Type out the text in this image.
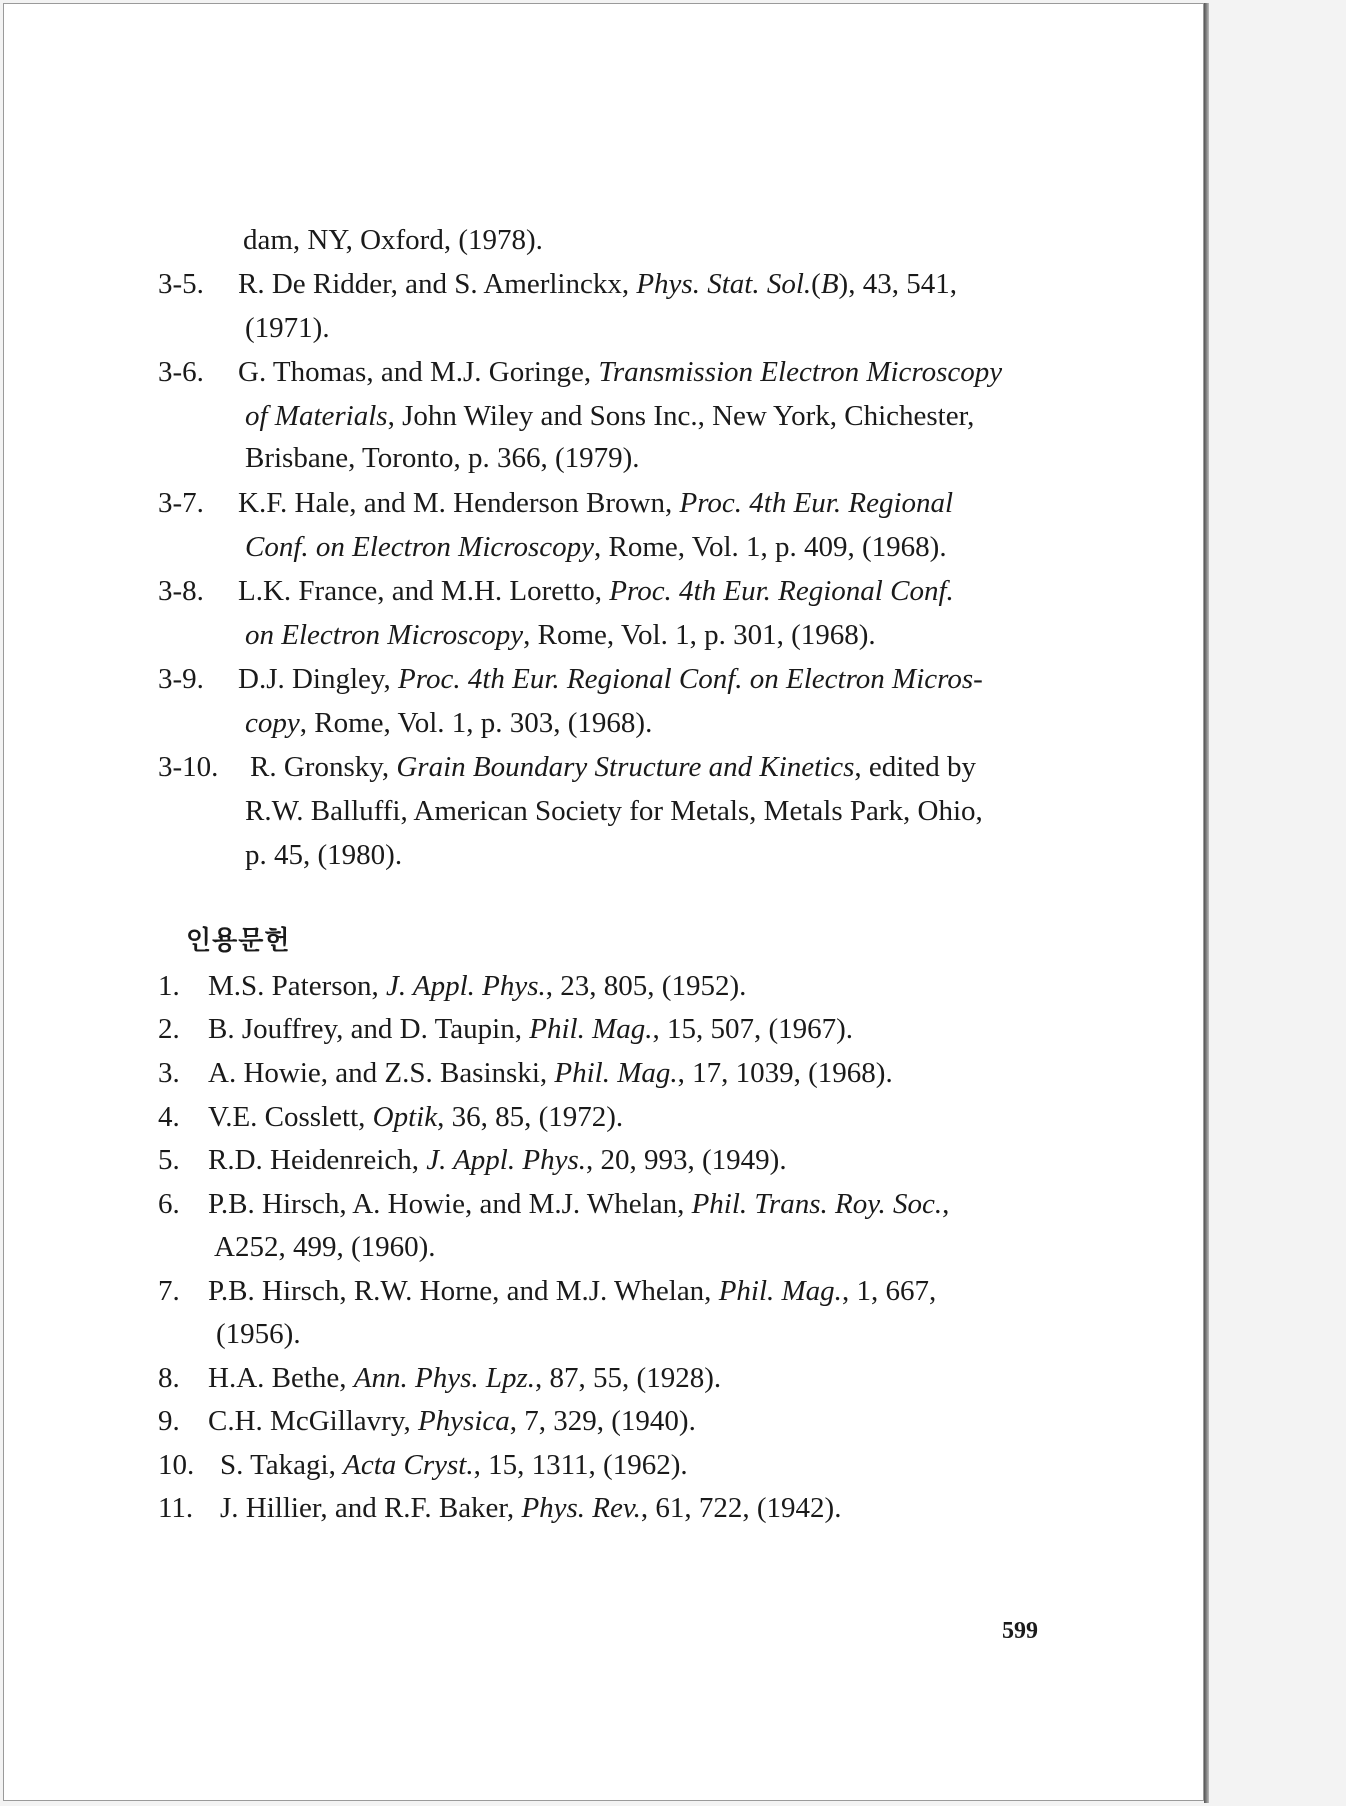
dam, NY, Oxford, (1978).
3-5. R. De Ridder, and S. Amerlinckx, Phys. Stat. Sol.(B), 43, 541,
(1971).
3-6. G. Thomas, and M.J. Goringe, Transmission Electron Microscopy
of Materials, John Wiley and Sons Inc., New York, Chichester,
Brisbane, Toronto, p. 366, (1979).
3-7. K.F. Hale, and M. Henderson Brown, Proc. 4th Eur. Regional
Conf. on Electron Microscopy, Rome, Vol. 1, p. 409, (1968).
3-8. L.K. France, and M.H. Loretto, Proc. 4th Eur. Regional Conf.
on Electron Microscopy, Rome, Vol. 1, p. 301, (1968).
3-9. D.J. Dingley, Proc. 4th Eur. Regional Conf. on Electron Micros-
copy, Rome, Vol. 1, p. 303, (1968).
3-10. R. Gronsky, Grain Boundary Structure and Kinetics, edited by
R.W. Balluffi, American Society for Metals, Metals Park, Ohio,
p. 45, (1980).
인용문헌
1. M.S. Paterson, J. Appl. Phys., 23, 805, (1952).
2. B. Jouffrey, and D. Taupin, Phil. Mag., 15, 507, (1967).
3. A. Howie, and Z.S. Basinski, Phil. Mag., 17, 1039, (1968).
4. V.E. Cosslett, Optik, 36, 85, (1972).
5. R.D. Heidenreich, J. Appl. Phys., 20, 993, (1949).
6. P.B. Hirsch, A. Howie, and M.J. Whelan, Phil. Trans. Roy. Soc.,
A252, 499, (1960).
7. P.B. Hirsch, R.W. Horne, and M.J. Whelan, Phil. Mag., 1, 667,
(1956).
8. H.A. Bethe, Ann. Phys. Lpz., 87, 55, (1928).
9. C.H. McGillavry, Physica, 7, 329, (1940).
10. S. Takagi, Acta Cryst., 15, 1311, (1962).
11. J. Hillier, and R.F. Baker, Phys. Rev., 61, 722, (1942).
599
